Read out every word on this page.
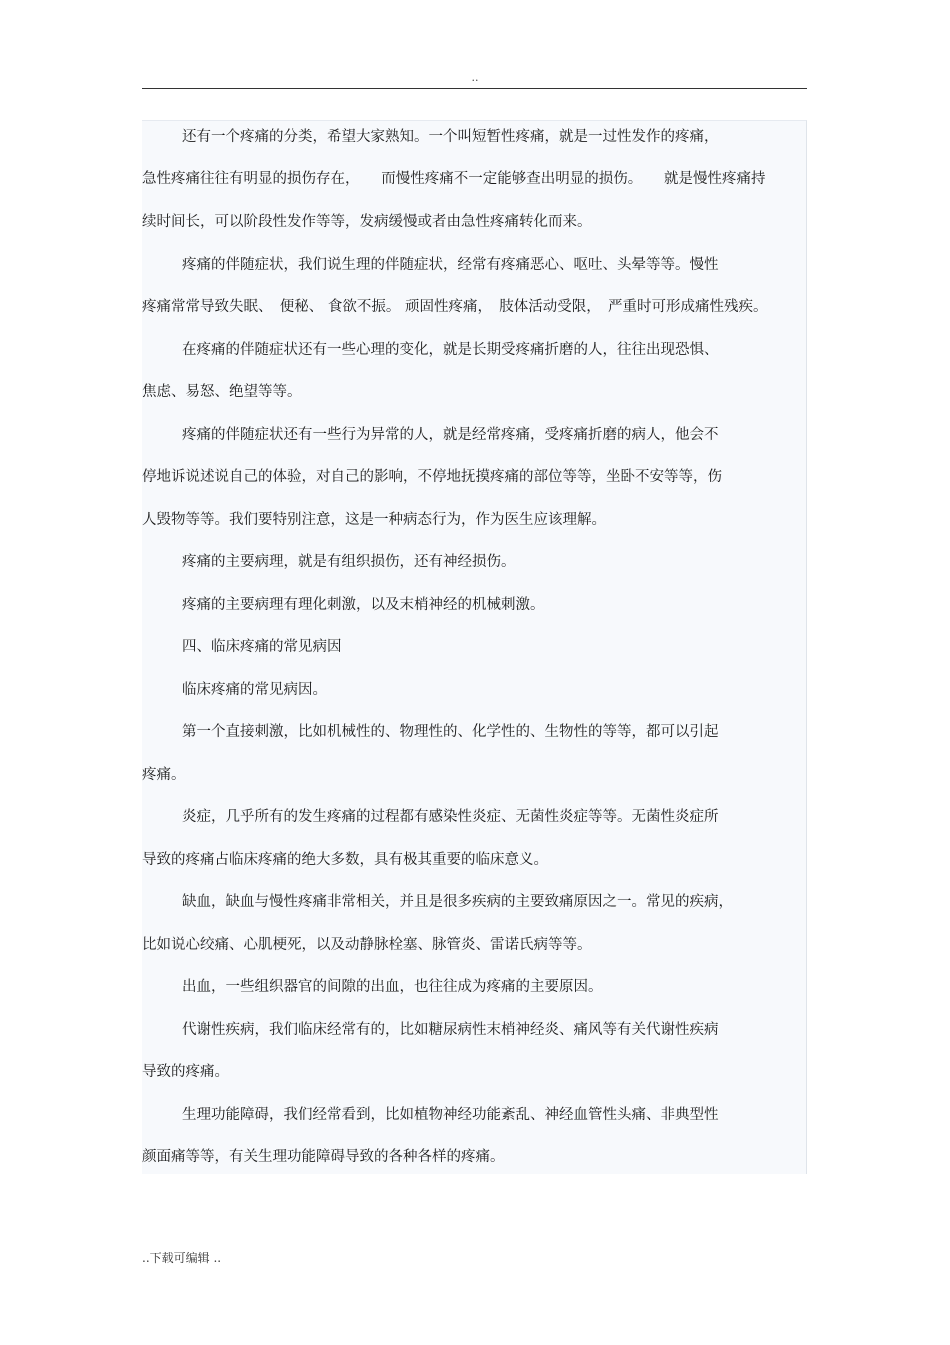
..
还有一个疼痛的分类，希望大家熟知。一个叫短暂性疼痛，就是一过性发作的疼痛，
急性疼痛往往有明显的损伤存在，　　而慢性疼痛不一定能够查出明显的损伤。　　就是慢性疼痛持
续时间长，可以阶段性发作等等，发病缓慢或者由急性疼痛转化而来。
疼痛的伴随症状，我们说生理的伴随症状，经常有疼痛恶心、呕吐、头晕等等。慢性
疼痛常常导致失眠、　便秘、 食欲不振。 顽固性疼痛，　肢体活动受限，　严重时可形成痛性残疾。
在疼痛的伴随症状还有一些心理的变化，就是长期受疼痛折磨的人，往往出现恐惧、
焦虑、易怒、绝望等等。
疼痛的伴随症状还有一些行为异常的人，就是经常疼痛，受疼痛折磨的病人，他会不
停地诉说述说自己的体验，对自己的影响，不停地抚摸疼痛的部位等等，坐卧不安等等，伤
人毁物等等。我们要特别注意，这是一种病态行为，作为医生应该理解。
疼痛的主要病理，就是有组织损伤，还有神经损伤。
疼痛的主要病理有理化刺激，以及末梢神经的机械刺激。
四、临床疼痛的常见病因
临床疼痛的常见病因。
第一个直接刺激，比如机械性的、物理性的、化学性的、生物性的等等，都可以引起
疼痛。
炎症，几乎所有的发生疼痛的过程都有感染性炎症、无菌性炎症等等。无菌性炎症所
导致的疼痛占临床疼痛的绝大多数，具有极其重要的临床意义。
缺血，缺血与慢性疼痛非常相关，并且是很多疾病的主要致痛原因之一。常见的疾病，
比如说心绞痛、心肌梗死，以及动静脉栓塞、脉管炎、雷诺氏病等等。
出血，一些组织器官的间隙的出血，也往往成为疼痛的主要原因。
代谢性疾病，我们临床经常有的，比如糖尿病性末梢神经炎、痛风等有关代谢性疾病
导致的疼痛。
生理功能障碍，我们经常看到，比如植物神经功能紊乱、神经血管性头痛、非典型性
颜面痛等等，有关生理功能障碍导致的各种各样的疼痛。
..下载可编辑 ..
